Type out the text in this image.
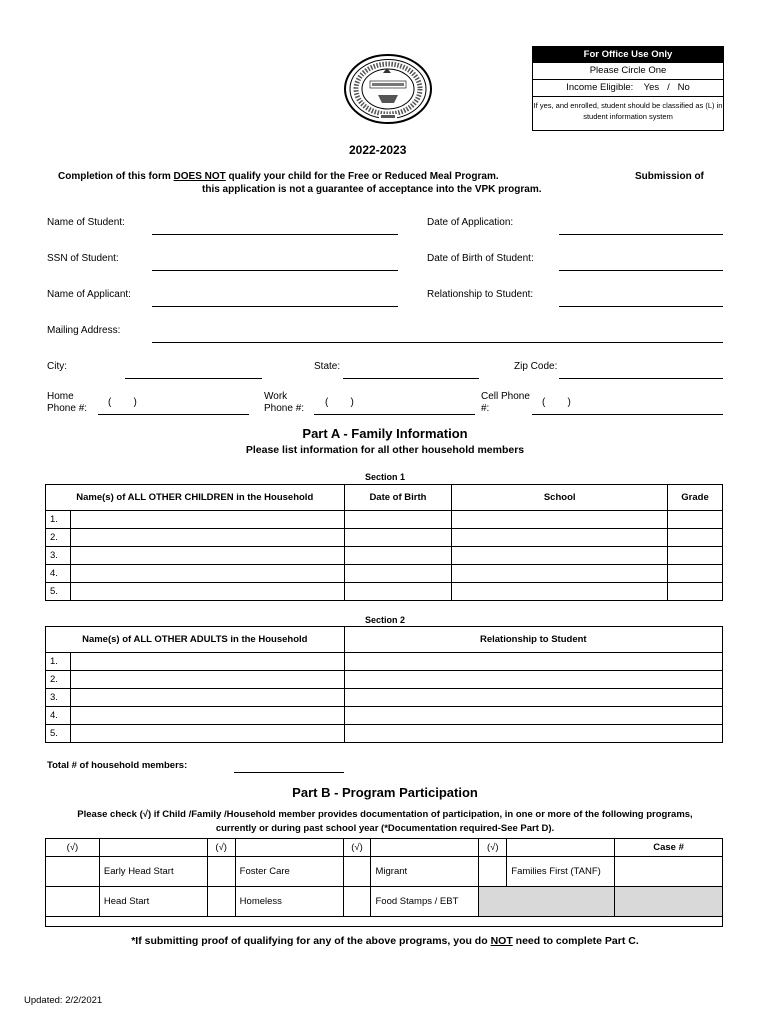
For Office Use Only
Please Circle One
Income Eligible:    Yes   /   No
If yes, and enrolled, student should be classified as (L) in student information system
2022-2023
Completion of this form DOES NOT qualify your child for the Free or Reduced Meal Program.	Submission of
this application is not a guarantee of acceptance into the VPK program.
Name of Student:	Date of Application:
SSN of Student:	Date of Birth of Student:
Name of Applicant:	Relationship to Student:
Mailing Address:
City:	State:	Zip Code:
Home
Phone #:
(        )
Work
Phone #:
(        )
Cell Phone
#:
(        )
Part A - Family Information
Please list information for all other household members
Section 1
Name(s) of ALL OTHER CHILDREN in the Household		Date of Birth	School	Grade
1.				
2.				
3.				
4.				
5.				
Section 2
Name(s) of ALL OTHER ADULTS in the Household		Relationship to Student
1.		
2.		
3.		
4.		
5.		
Total # of household members:
Part B - Program Participation
Please check (√) if Child /Family /Household member provides documentation of participation, in one or more of the following programs,
currently or during past school year (*Documentation required-See Part D).
(√)		(√)		(√)		(√)		Case #
	Early Head Start		Foster Care		Migrant		Families First (TANF)	
	Head Start		Homeless		Food Stamps / EBT			

*If submitting proof of qualifying for any of the above programs, you do NOT need to complete Part C.
Updated: 2/2/2021
